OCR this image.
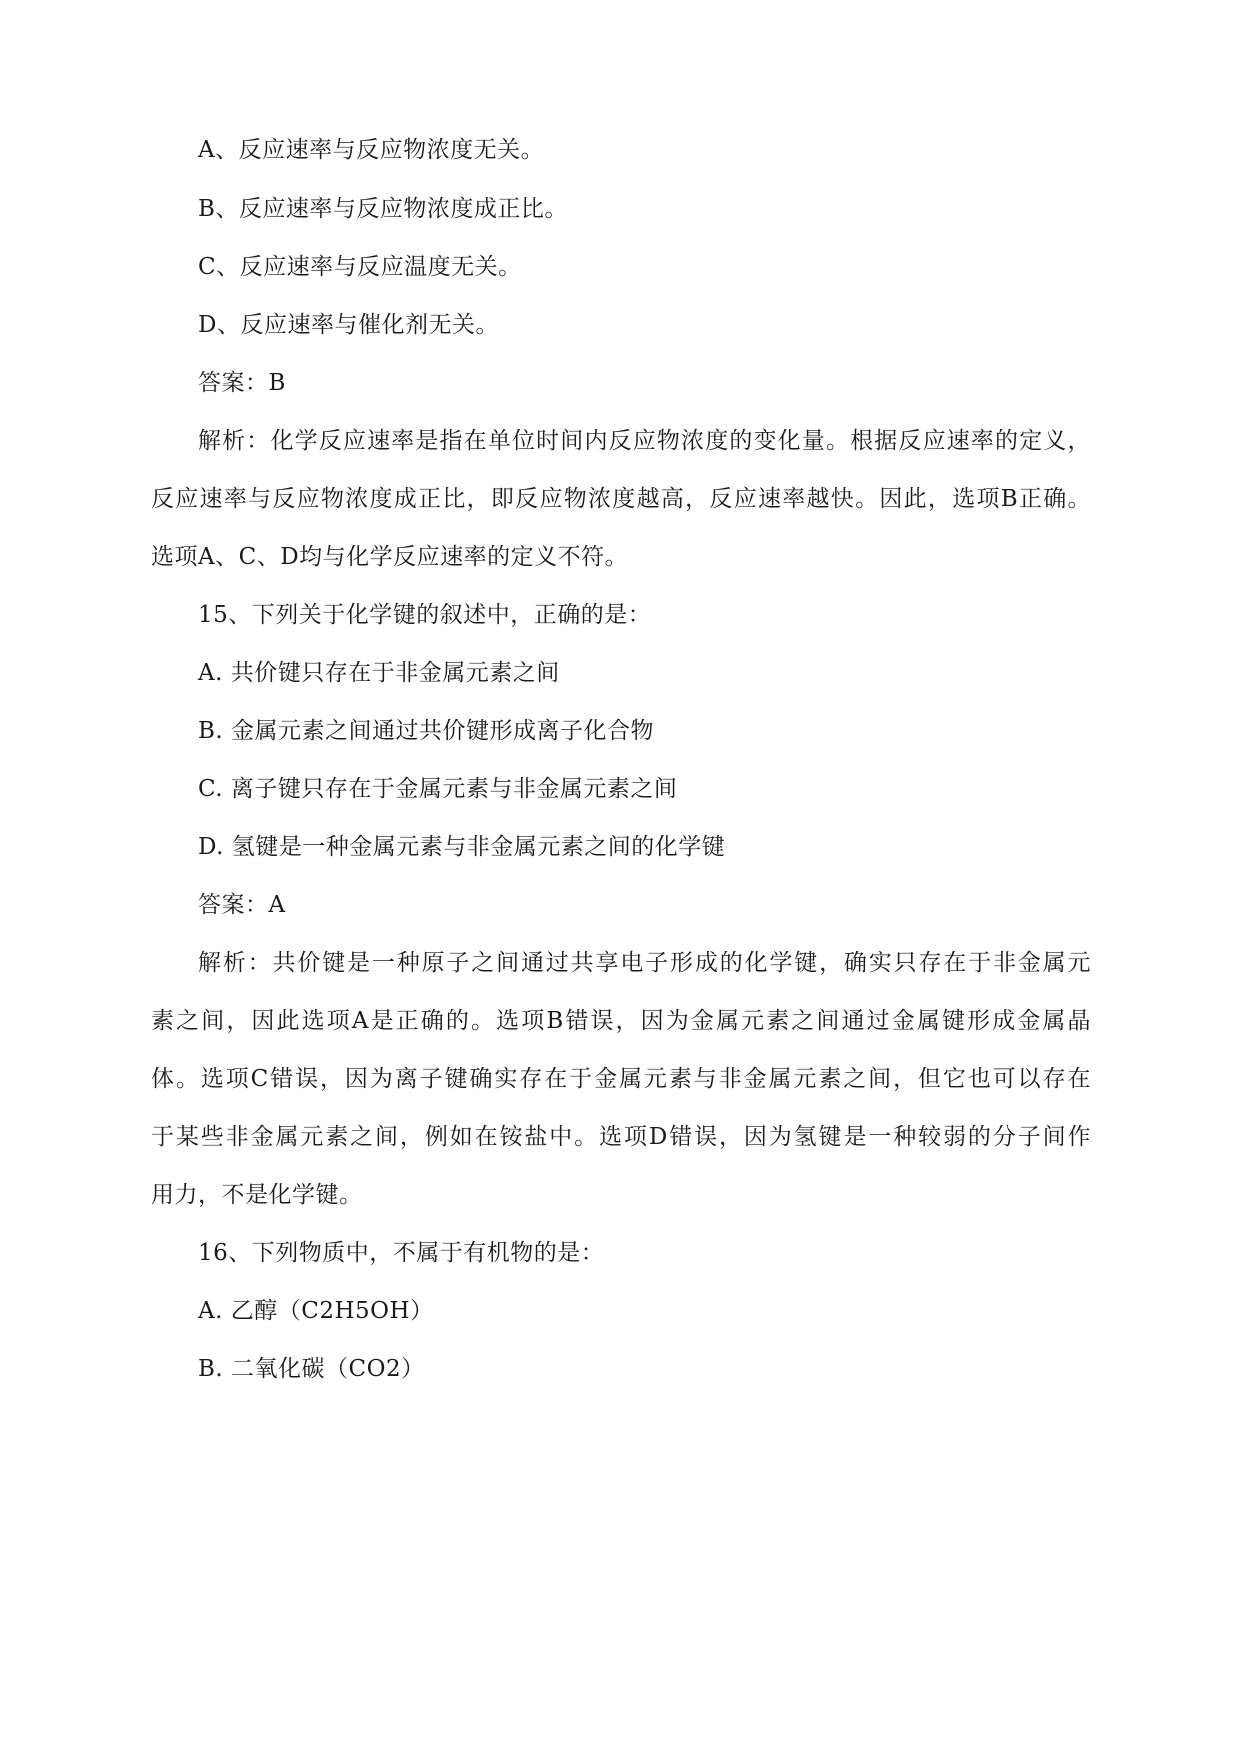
A、反应速率与反应物浓度无关。
B、反应速率与反应物浓度成正比。
C、反应速率与反应温度无关。
D、反应速率与催化剂无关。
答案：B
解析：化学反应速率是指在单位时间内反应物浓度的变化量。根据反应速率的定义，
反应速率与反应物浓度成正比，即反应物浓度越高，反应速率越快。因此，选项B正确。
选项A、C、D均与化学反应速率的定义不符。
15、下列关于化学键的叙述中，正确的是：
A. 共价键只存在于非金属元素之间
B. 金属元素之间通过共价键形成离子化合物
C. 离子键只存在于金属元素与非金属元素之间
D. 氢键是一种金属元素与非金属元素之间的化学键
答案：A
解析：共价键是一种原子之间通过共享电子形成的化学键，确实只存在于非金属元
素之间，因此选项A是正确的。选项B错误，因为金属元素之间通过金属键形成金属晶
体。选项C错误，因为离子键确实存在于金属元素与非金属元素之间，但它也可以存在
于某些非金属元素之间，例如在铵盐中。选项D错误，因为氢键是一种较弱的分子间作
用力，不是化学键。
16、下列物质中，不属于有机物的是：
A. 乙醇（C2H5OH）
B. 二氧化碳（CO2）
